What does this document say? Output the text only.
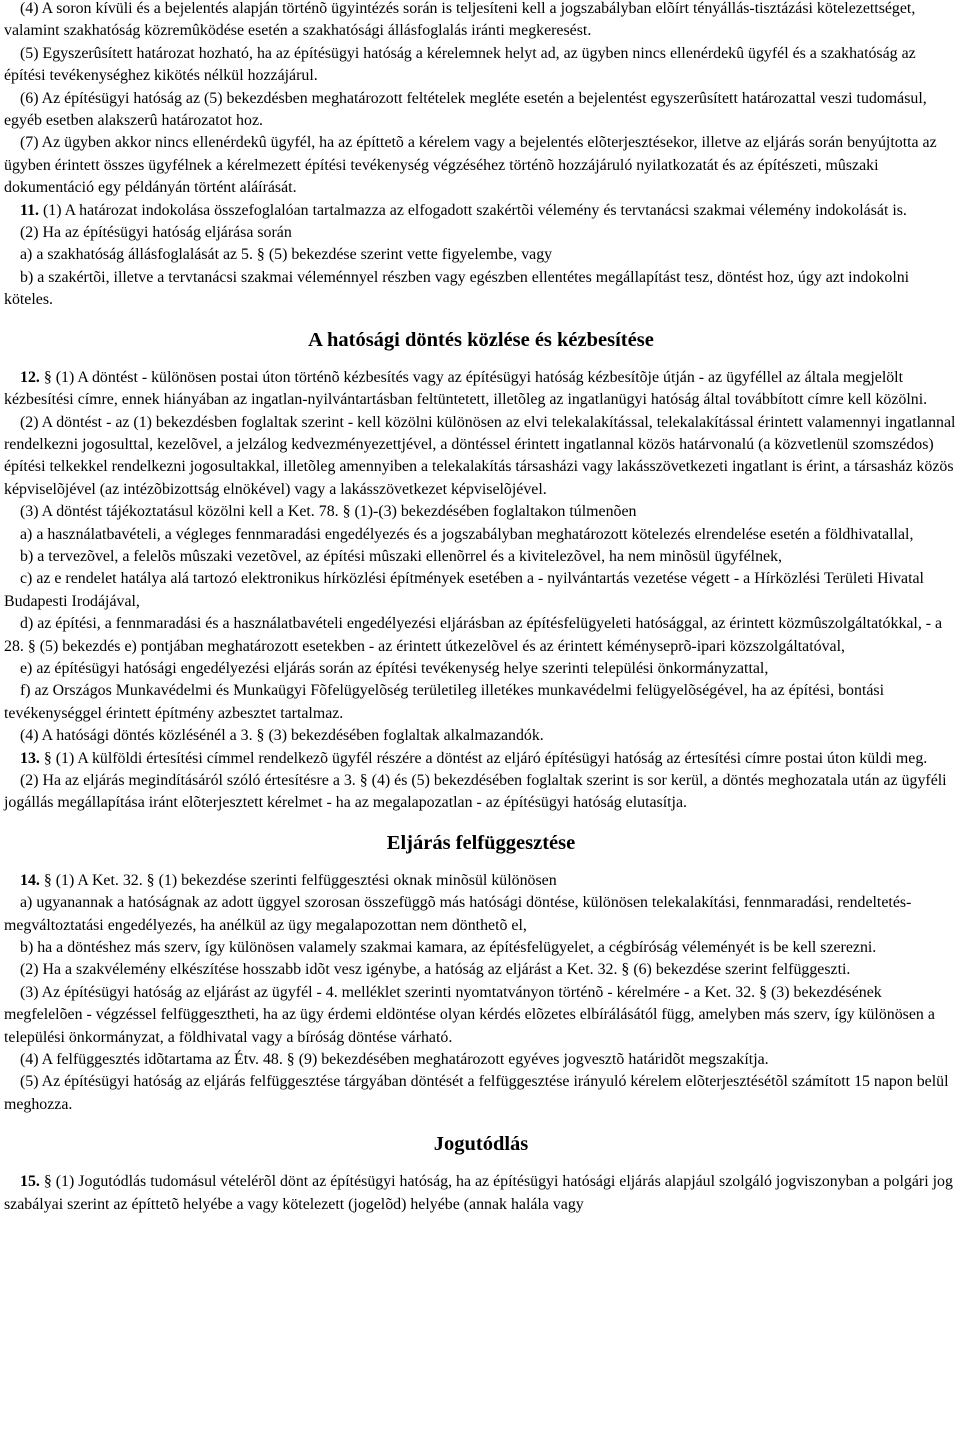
(4) A soron kívüli és a bejelentés alapján történõ ügyintézés során is teljesíteni kell a jogszabályban elõírt tényállás-tisztázási kötelezettséget, valamint szakhatóság közremûködése esetén a szakhatósági állásfoglalás iránti megkeresést.

(5) Egyszerûsített határozat hozható, ha az építésügyi hatóság a kérelemnek helyt ad, az ügyben nincs ellenérdekû ügyfél és a szakhatóság az építési tevékenységhez kikötés nélkül hozzájárul.

(6) Az építésügyi hatóság az (5) bekezdésben meghatározott feltételek megléte esetén a bejelentést egyszerûsített határozattal veszi tudomásul, egyéb esetben alakszerû határozatot hoz.

(7) Az ügyben akkor nincs ellenérdekû ügyfél, ha az építtetõ a kérelem vagy a bejelentés elõterjesztésekor, illetve az eljárás során benyújtotta az ügyben érintett összes ügyfélnek a kérelmezett építési tevékenység végzéséhez történõ hozzájáruló nyilatkozatát és az építészeti, mûszaki dokumentáció egy példányán történt aláírását.

11. (1) A határozat indokolása összefoglalóan tartalmazza az elfogadott szakértõi vélemény és tervtanácsi szakmai vélemény indokolását is.

(2) Ha az építésügyi hatóság eljárása során

a) a szakhatóság állásfoglalását az 5. § (5) bekezdése szerint vette figyelembe, vagy

b) a szakértõi, illetve a tervtanácsi szakmai véleménnyel részben vagy egészben ellentétes megállapítást tesz, döntést hoz, úgy azt indokolni köteles.

A hatósági döntés közlése és kézbesítése

12. § (1) A döntést - különösen postai úton történõ kézbesítés vagy az építésügyi hatóság kézbesítõje útján - az ügyféllel az általa megjelölt kézbesítési címre, ennek hiányában az ingatlan-nyilvántartásban feltüntetett, illetõleg az ingatlanügyi hatóság által továbbított címre kell közölni.

(2) A döntést - az (1) bekezdésben foglaltak szerint - kell közölni különösen az elvi telekalakítással, telekalakítással érintett valamennyi ingatlannal rendelkezni jogosulttal, kezelõvel, a jelzálog kedvezményezettjével, a döntéssel érintett ingatlannal közös határvonalú (a közvetlenül szomszédos) építési telkekkel rendelkezni jogosultakkal, illetõleg amennyiben a telekalakítás társasházi vagy lakásszövetkezeti ingatlant is érint, a társasház közös képviselõjével (az intézõbizottság elnökével) vagy a lakásszövetkezet képviselõjével.

(3) A döntést tájékoztatásul közölni kell a Ket. 78. § (1)-(3) bekezdésében foglaltakon túlmenõen

a) a használatbavételi, a végleges fennmaradási engedélyezés és a jogszabályban meghatározott kötelezés elrendelése esetén a földhivatallal,

b) a tervezõvel, a felelõs mûszaki vezetõvel, az építési mûszaki ellenõrrel és a kivitelezõvel, ha nem minõsül ügyfélnek,

c) az e rendelet hatálya alá tartozó elektronikus hírközlési építmények esetében a - nyilvántartás vezetése végett - a Hírközlési Területi Hivatal Budapesti Irodájával,

d) az építési, a fennmaradási és a használatbavételi engedélyezési eljárásban az építésfelügyeleti hatósággal, az érintett közmûszolgáltatókkal, - a 28. § (5) bekezdés e) pontjában meghatározott esetekben - az érintett útkezelõvel és az érintett kéményseprõ-ipari közszolgáltatóval,

e) az építésügyi hatósági engedélyezési eljárás során az építési tevékenység helye szerinti települési önkormányzattal,

f) az Országos Munkavédelmi és Munkaügyi Fõfelügyelõség területileg illetékes munkavédelmi felügyelõségével, ha az építési, bontási tevékenységgel érintett építmény azbesztet tartalmaz.

(4) A hatósági döntés közlésénél a 3. § (3) bekezdésében foglaltak alkalmazandók.

13. § (1) A külföldi értesítési címmel rendelkezõ ügyfél részére a döntést az eljáró építésügyi hatóság az értesítési címre postai úton küldi meg.

(2) Ha az eljárás megindításáról szóló értesítésre a 3. § (4) és (5) bekezdésében foglaltak szerint is sor kerül, a döntés meghozatala után az ügyféli jogállás megállapítása iránt elõterjesztett kérelmet - ha az megalapozatlan - az építésügyi hatóság elutasítja.

Eljárás felfüggesztése

14. § (1) A Ket. 32. § (1) bekezdése szerinti felfüggesztési oknak minõsül különösen

a) ugyanannak a hatóságnak az adott üggyel szorosan összefüggõ más hatósági döntése, különösen telekalakítási, fennmaradási, rendeltetés-megváltoztatási engedélyezés, ha anélkül az ügy megalapozottan nem dönthetõ el,

b) ha a döntéshez más szerv, így különösen valamely szakmai kamara, az építésfelügyelet, a cégbíróság véleményét is be kell szerezni.

(2) Ha a szakvélemény elkészítése hosszabb idõt vesz igénybe, a hatóság az eljárást a Ket. 32. § (6) bekezdése szerint felfüggeszti.

(3) Az építésügyi hatóság az eljárást az ügyfél - 4. melléklet szerinti nyomtatványon történõ - kérelmére - a Ket. 32. § (3) bekezdésének megfelelõen - végzéssel felfüggesztheti, ha az ügy érdemi eldöntése olyan kérdés elõzetes elbírálásától függ, amelyben más szerv, így különösen a települési önkormányzat, a földhivatal vagy a bíróság döntése várható.

(4) A felfüggesztés idõtartama az Étv. 48. § (9) bekezdésében meghatározott egyéves jogvesztõ határidõt megszakítja.

(5) Az építésügyi hatóság az eljárás felfüggesztése tárgyában döntését a felfüggesztése irányuló kérelem elõterjesztésétõl számított 15 napon belül meghozza.

Jogutódlás

15. § (1) Jogutódlás tudomásul vételérõl dönt az építésügyi hatóság, ha az építésügyi hatósági eljárás alapjául szolgáló jogviszonyban a polgári jog szabályai szerint az építtetõ helyébe a vagy kötelezett (jogelõd) helyébe (annak halála vagy
